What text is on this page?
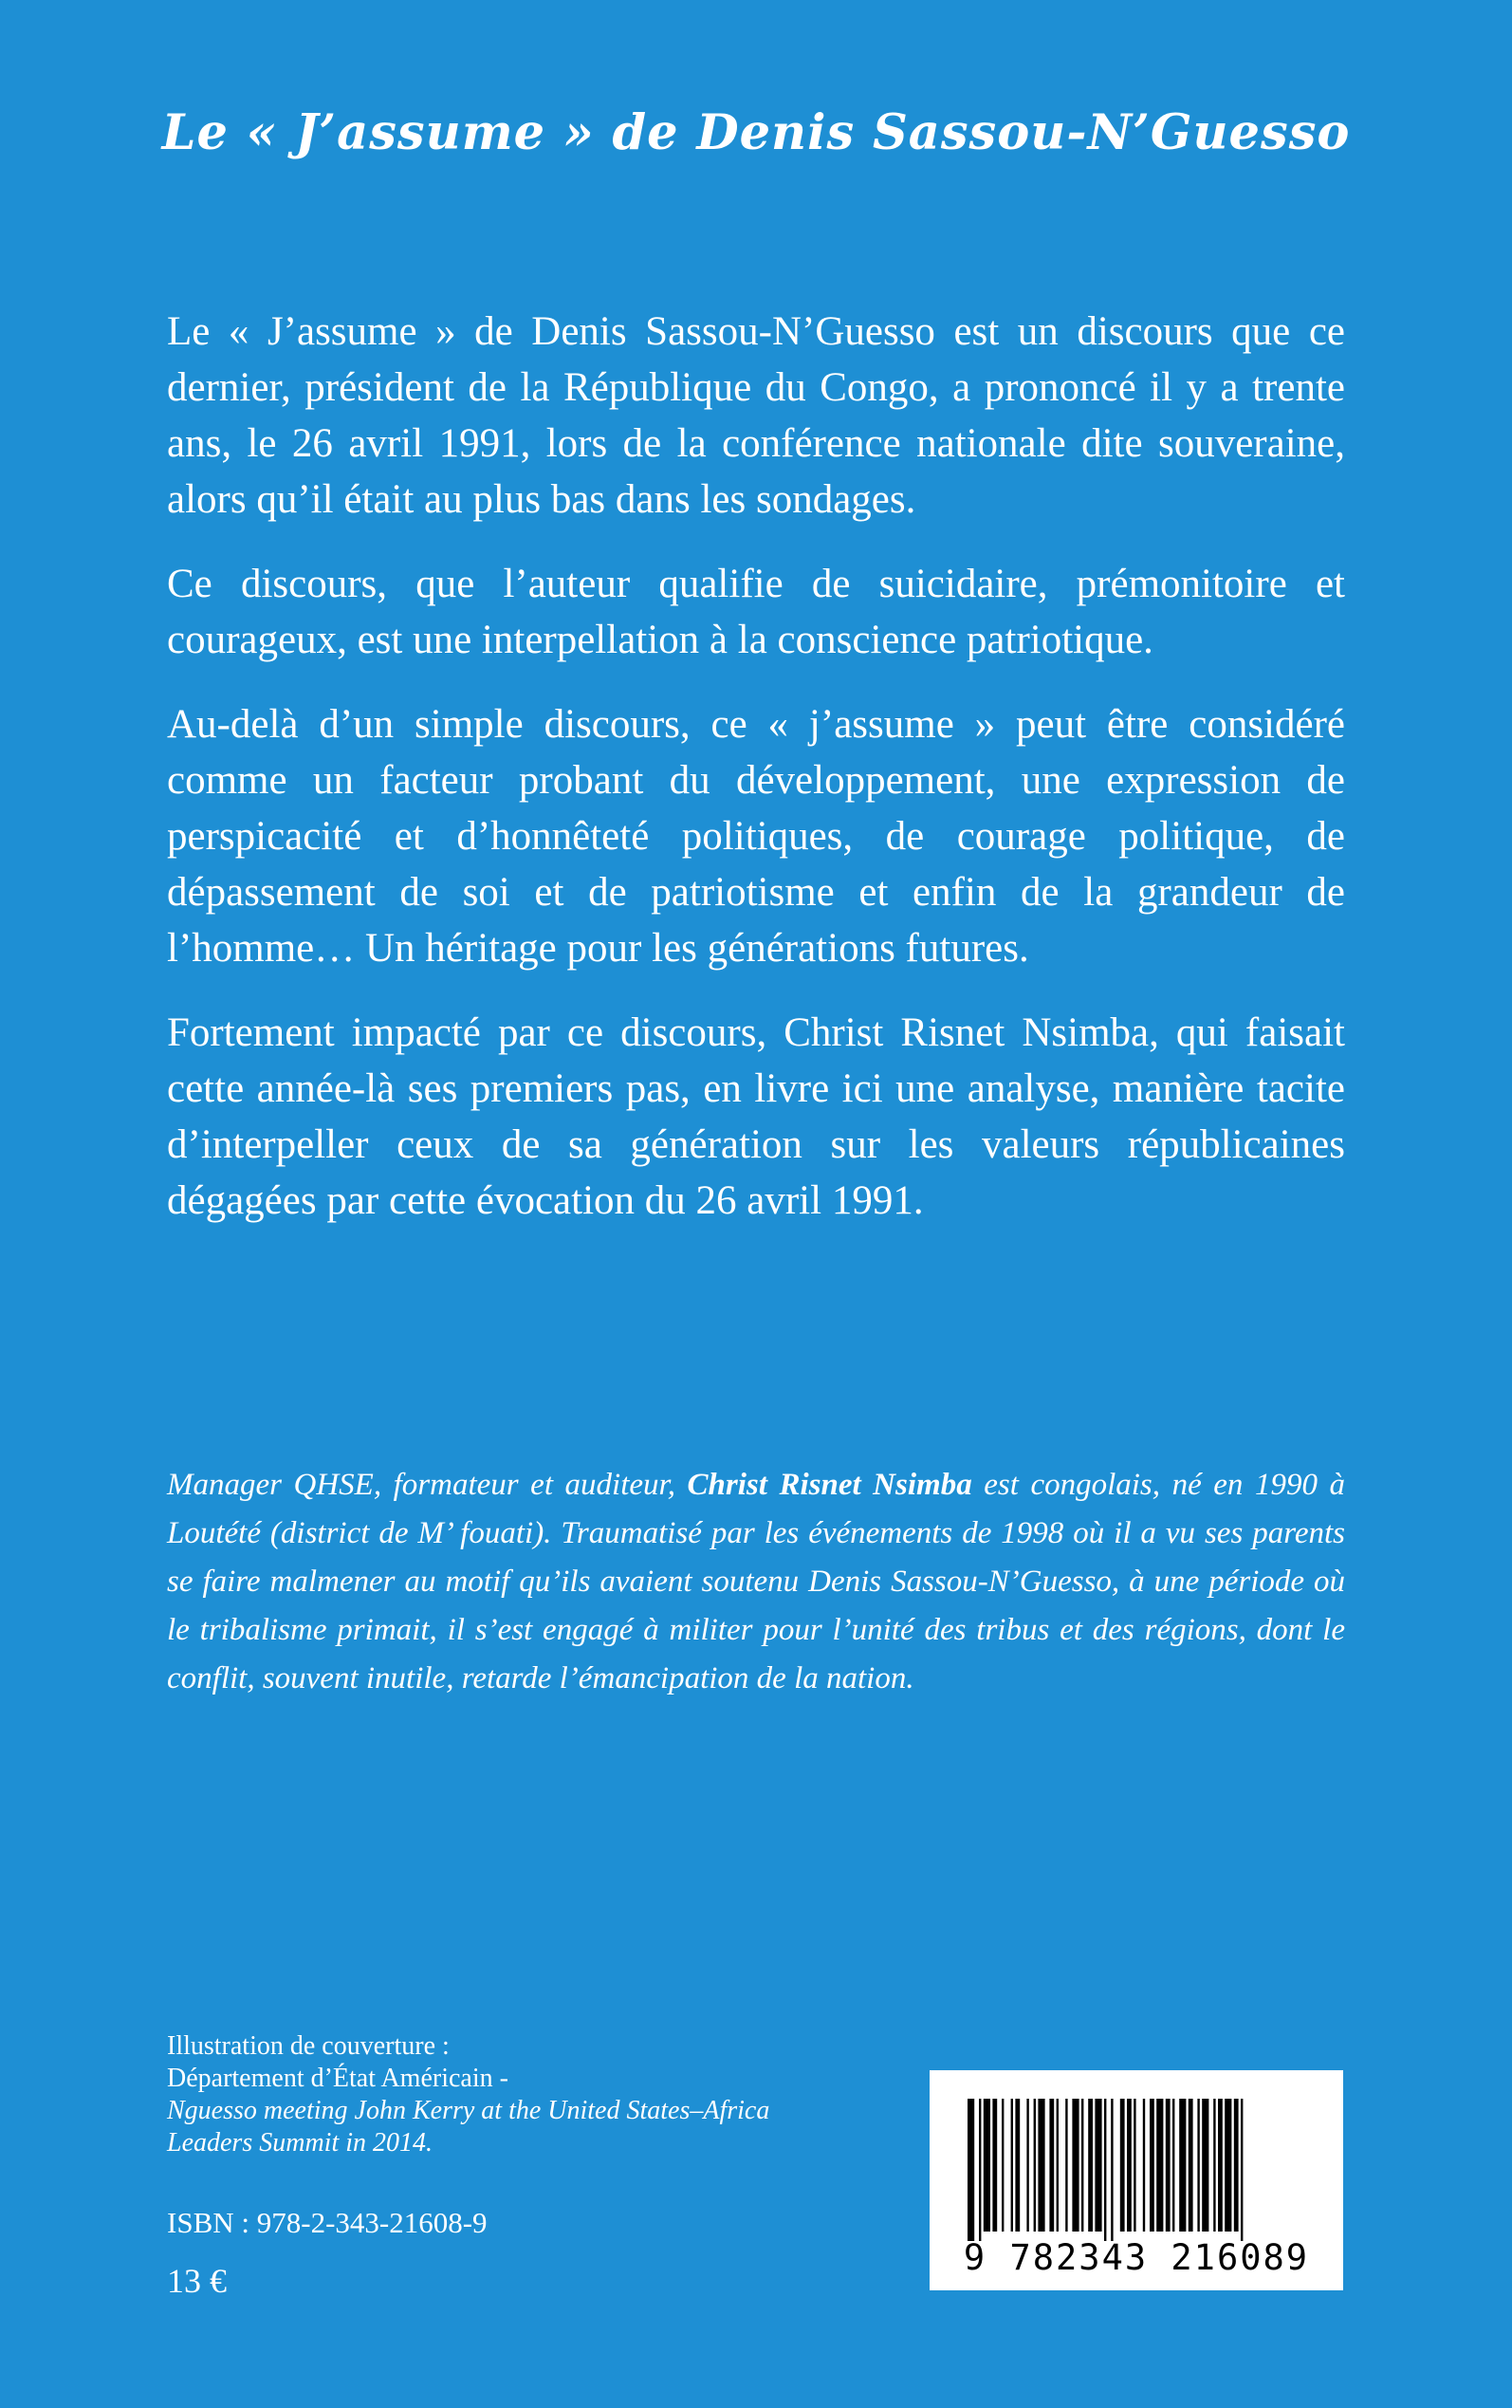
Le « J’assume » de Denis Sassou-N’Guesso

Le « J’assume » de Denis Sassou-N’Guesso est un discours que ce dernier, président de la République du Congo, a prononcé il y a trente ans, le 26 avril 1991, lors de la conférence nationale dite souveraine, alors qu’il était au plus bas dans les sondages.

Ce discours, que l’auteur qualifie de suicidaire, prémonitoire et courageux, est une interpellation à la conscience patriotique.

Au-delà d’un simple discours, ce « j’assume » peut être considéré comme un facteur probant du développement, une expression de perspicacité et d’honnêteté politiques, de courage politique, de dépassement de soi et de patriotisme et enfin de la grandeur de l’homme… Un héritage pour les générations futures.

Fortement impacté par ce discours, Christ Risnet Nsimba, qui faisait cette année-là ses premiers pas, en livre ici une analyse, manière tacite d’interpeller ceux de sa génération sur les valeurs républicaines dégagées par cette évocation du 26 avril 1991.

Manager QHSE, formateur et auditeur, Christ Risnet Nsimba est congolais, né en 1990 à Loutété (district de M’ fouati). Traumatisé par les événements de 1998 où il a vu ses parents se faire malmener au motif qu’ils avaient soutenu Denis Sassou-N’Guesso, à une période où le tribalisme primait, il s’est engagé à militer pour l’unité des tribus et des régions, dont le conflit, souvent inutile, retarde l’émancipation de la nation.

Illustration de couverture :
Département d’État Américain -
Nguesso meeting John Kerry at the United States–Africa
Leaders Summit in 2014.

ISBN : 978-2-343-21608-9

13 €

9 782343 216089
